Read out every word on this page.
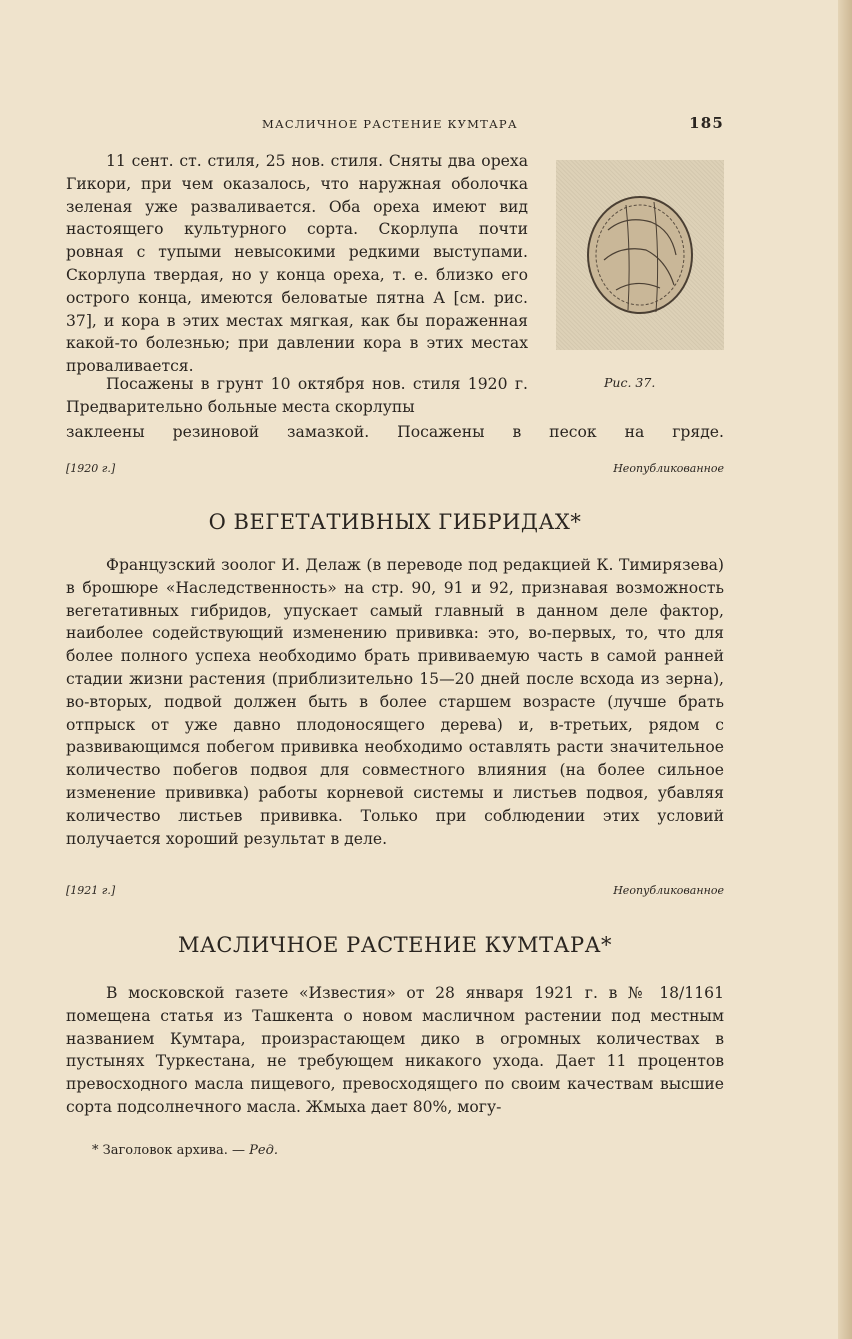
МАСЛИЧНОЕ РАСТЕНИЕ КУМТАРА	185

11 сент. ст. стиля, 25 нов. стиля. Сняты два ореха Гикори, при чем оказалось, что наружная оболочка зеленая уже разваливается. Оба ореха имеют вид настоящего культурного сорта. Скорлупа почти ровная с тупыми невысокими редкими выступами. Скорлупа твердая, но у конца ореха, т. е. близко его острого конца, имеются беловатые пятна А [см. рис. 37], и кора в этих местах мягкая, как бы пораженная какой-то болезнью; при давлении кора в этих местах проваливается.

Рис. 37.

Посажены в грунт 10 октября нов. стиля 1920 г. Предварительно больные места скорлупы

заклеены резиновой замазкой. Посажены в песок на гряде.

[1920 г.]	Неопубликованное
О ВЕГЕТАТИВНЫХ ГИБРИДАХ*

Французский зоолог И. Делаж (в переводе под редакцией К. Тимирязева) в брошюре «Наследственность» на стр. 90, 91 и 92, признавая возможность вегетативных гибридов, упускает самый главный в данном деле фактор, наиболее содействующий изменению прививка: это, во-первых, то, что для более полного успеха необходимо брать прививаемую часть в самой ранней стадии жизни растения (приблизительно 15—20 дней после всхода из зерна), во-вторых, подвой должен быть в более старшем возрасте (лучше брать отпрыск от уже давно плодоносящего дерева) и, в-третьих, рядом с развивающимся побегом прививка необходимо оставлять расти значительное количество побегов подвоя для совместного влияния (на более сильное изменение прививка) работы корневой системы и листьев подвоя, убавляя количество листьев прививка. Только при соблюдении этих условий получается хороший результат в деле.

[1921 г.]	Неопубликованное
МАСЛИЧНОЕ РАСТЕНИЕ КУМТАРА*

В московской газете «Известия» от 28 января 1921 г. в № 18/1161 помещена статья из Ташкента о новом масличном растении под местным названием Кумтара, произрастающем дико в огромных количествах в пустынях Туркестана, не требующем никакого ухода. Дает 11 процентов превосходного масла пищевого, превосходящего по своим качествам высшие сорта подсолнечного масла. Жмыха дает 80%, могу-

* Заголовок архива. — Ред.
